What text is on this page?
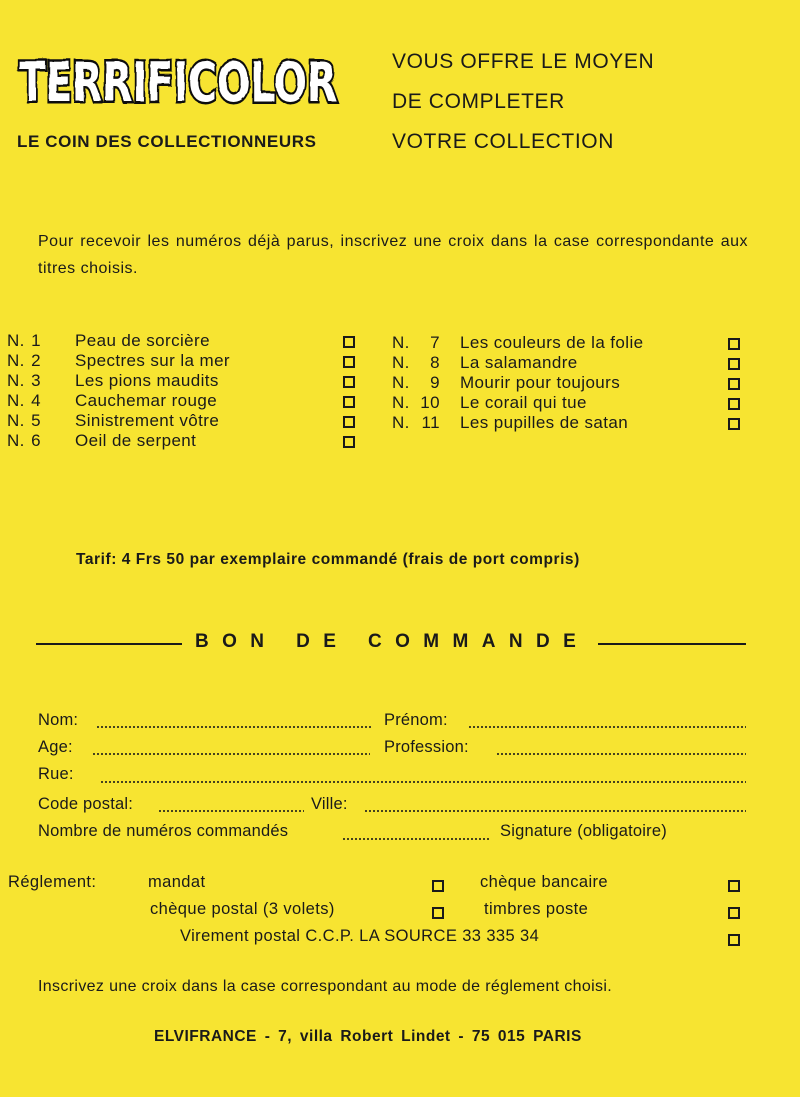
TERRIFICOLOR
LE COIN DES COLLECTIONNEURS
VOUS OFFRE LE MOYEN
DE COMPLETER
VOTRE COLLECTION
Pour recevoir les numéros déjà parus, inscrivez une croix dans la case correspondante aux titres choisis.
N. 1 Peau de sorcière
N. 2 Spectres sur la mer
N. 3 Les pions maudits
N. 4 Cauchemar rouge
N. 5 Sinistrement vôtre
N. 6 Oeil de serpent
N.	7 Les couleurs de la folie
N.	8 La salamandre
N.	9 Mourir pour toujours
N. 10 Le corail qui tue
N. 11 Les pupilles de satan
Tarif: 4 Frs 50 par exemplaire commandé (frais de port compris)
BON DE COMMANDE
Nom:	Prénom:
Age:	Profession:
Rue:
Code postal:	Ville:
Nombre de numéros commandés	Signature (obligatoire)
Réglement:	mandat	chèque bancaire
chèque postal (3 volets)	timbres poste
Virement postal C.C.P. LA SOURCE 33 335 34
Inscrivez une croix dans la case correspondant au mode de réglement choisi.
ELVIFRANCE - 7, villa Robert Lindet - 75 015 PARIS
